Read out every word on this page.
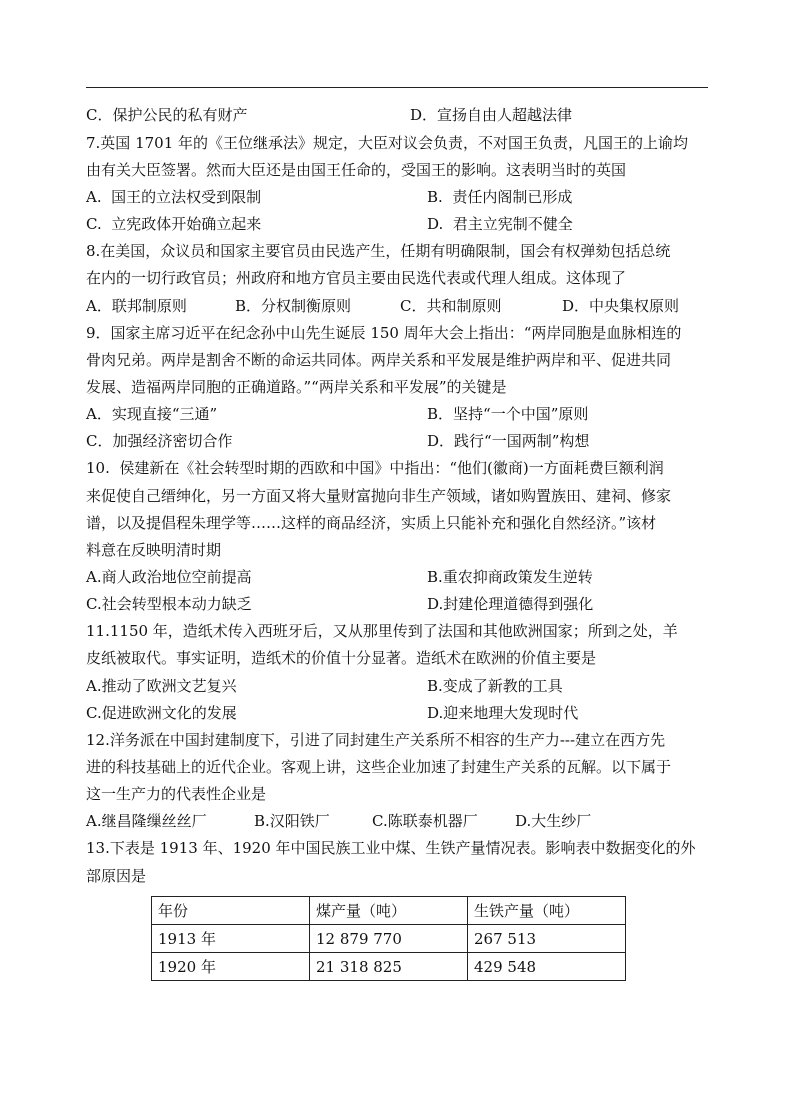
C．保护公民的私有财产	D．宣扬自由人超越法律
7.英国 1701 年的《王位继承法》规定，大臣对议会负责，不对国王负责，凡国王的上谕均
由有关大臣签署。然而大臣还是由国王任命的，受国王的影响。这表明当时的英国
A.  国王的立法权受到限制	B.  责任内阁制已形成
C.  立宪政体开始确立起来	D.  君主立宪制不健全
8.在美国，众议员和国家主要官员由民选产生，任期有明确限制，国会有权弹劾包括总统
在内的一切行政官员；州政府和地方官员主要由民选代表或代理人组成。这体现了
A．联邦制原则	B．分权制衡原则	C．共和制原则	D．中央集权原则
9．国家主席习近平在纪念孙中山先生诞辰 150 周年大会上指出：“两岸同胞是血脉相连的
骨肉兄弟。两岸是割舍不断的命运共同体。两岸关系和平发展是维护两岸和平、促进共同
发展、造福两岸同胞的正确道路。”“两岸关系和平发展”的关键是
A．实现直接“三通”	B．坚持“一个中国”原则
C．加强经济密切合作	D．践行“一国两制”构想
10.  侯建新在《社会转型时期的西欧和中国》中指出：“他们(徽商)一方面耗费巨额利润
来促使自己缙绅化，另一方面又将大量财富抛向非生产领域，诸如购置族田、建祠、修家
谱，以及提倡程朱理学等……这样的商品经济，实质上只能补充和强化自然经济。”该材
料意在反映明清时期
A.商人政治地位空前提高	B.重农抑商政策发生逆转
C.社会转型根本动力缺乏	D.封建伦理道德得到强化
11.1150 年，造纸术传入西班牙后，又从那里传到了法国和其他欧洲国家；所到之处，羊
皮纸被取代。事实证明，造纸术的价值十分显著。造纸术在欧洲的价值主要是
A.推动了欧洲文艺复兴	B.变成了新教的工具
C.促进欧洲文化的发展	D.迎来地理大发现时代
12.洋务派在中国封建制度下，引进了同封建生产关系所不相容的生产力---建立在西方先
进的科技基础上的近代企业。客观上讲，这些企业加速了封建生产关系的瓦解。以下属于
这一生产力的代表性企业是
A.继昌隆缫丝丝厂	B.汉阳铁厂	C.陈联泰机器厂 D.大生纱厂
13.下表是 1913 年、1920 年中国民族工业中煤、生铁产量情况表。影响表中数据变化的外
部原因是
年份	煤产量（吨）	生铁产量（吨）
1913 年	12 879 770	267 513
1920 年	21 318 825	429 548
